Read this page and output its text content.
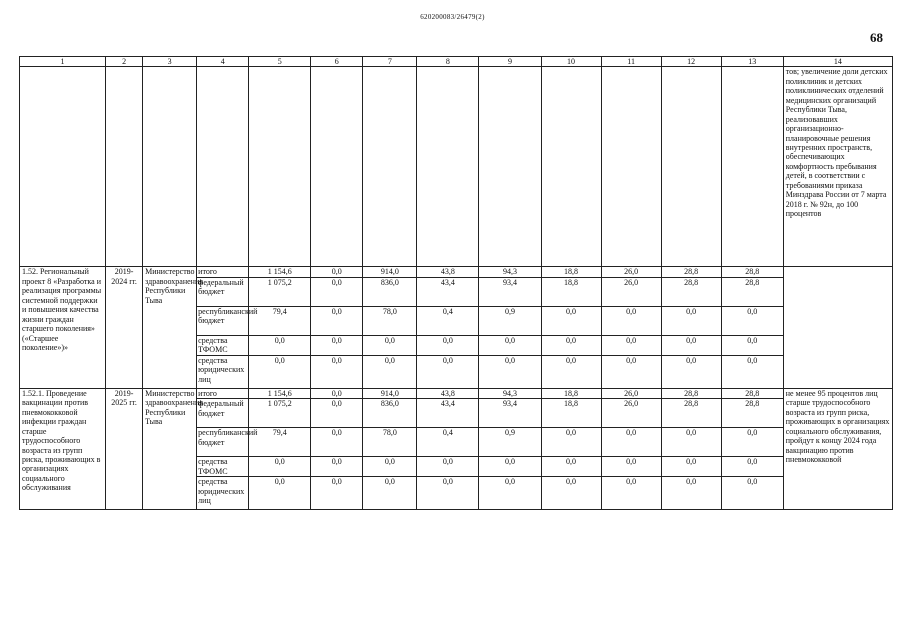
620200083/26479(2)
68
1	2	3	4	5	6	7	8	9	10	11	12	13	14
													тов; увеличение доли детских поликлиник и детских поликлинических отделений медицинских организаций Республики Тыва, реализовавших организационно-планировочные решения внутренних пространств, обеспечивающих комфортность пребывания детей, в соответствии с требованиями приказа Минздрава России от 7 марта 2018 г. № 92н, до 100 процентов
1.52. Региональный проект 8 «Разработка и реализация программы системной поддержки и повышения качества жизни граждан старшего поколения» («Старшее поколение»)»	2019-2024 гг.	Министерство здравоохранения Республики Тыва	итого	1 154,6	0,0	914,0	43,8	94,3	18,8	26,0	28,8	28,8	
			федеральный бюджет	1 075,2	0,0	836,0	43,4	93,4	18,8	26,0	28,8	28,8	
			республиканский бюджет	79,4	0,0	78,0	0,4	0,9	0,0	0,0	0,0	0,0	
			средства ТФОМС	0,0	0,0	0,0	0,0	0,0	0,0	0,0	0,0	0,0	
			средства юридических лиц	0,0	0,0	0,0	0,0	0,0	0,0	0,0	0,0	0,0	
1.52.1. Проведение вакцинации против пневмококковой инфекции граждан старше трудоспособного возраста из групп риска, проживающих в организациях социального обслуживания	2019-2025 гг.	Министерство здравоохранения Республики Тыва	итого	1 154,6	0,0	914,0	43,8	94,3	18,8	26,0	28,8	28,8	не менее 95 процентов лиц старше трудоспособного возраста из групп риска, проживающих в организациях социального обслуживания, пройдут к концу 2024 года вакцинацию против пневмококковой
			федеральный бюджет	1 075,2	0,0	836,0	43,4	93,4	18,8	26,0	28,8	28,8	
			республиканский бюджет	79,4	0,0	78,0	0,4	0,9	0,0	0,0	0,0	0,0	
			средства ТФОМС	0,0	0,0	0,0	0,0	0,0	0,0	0,0	0,0	0,0	
			средства юридических лиц	0,0	0,0	0,0	0,0	0,0	0,0	0,0	0,0	0,0	
